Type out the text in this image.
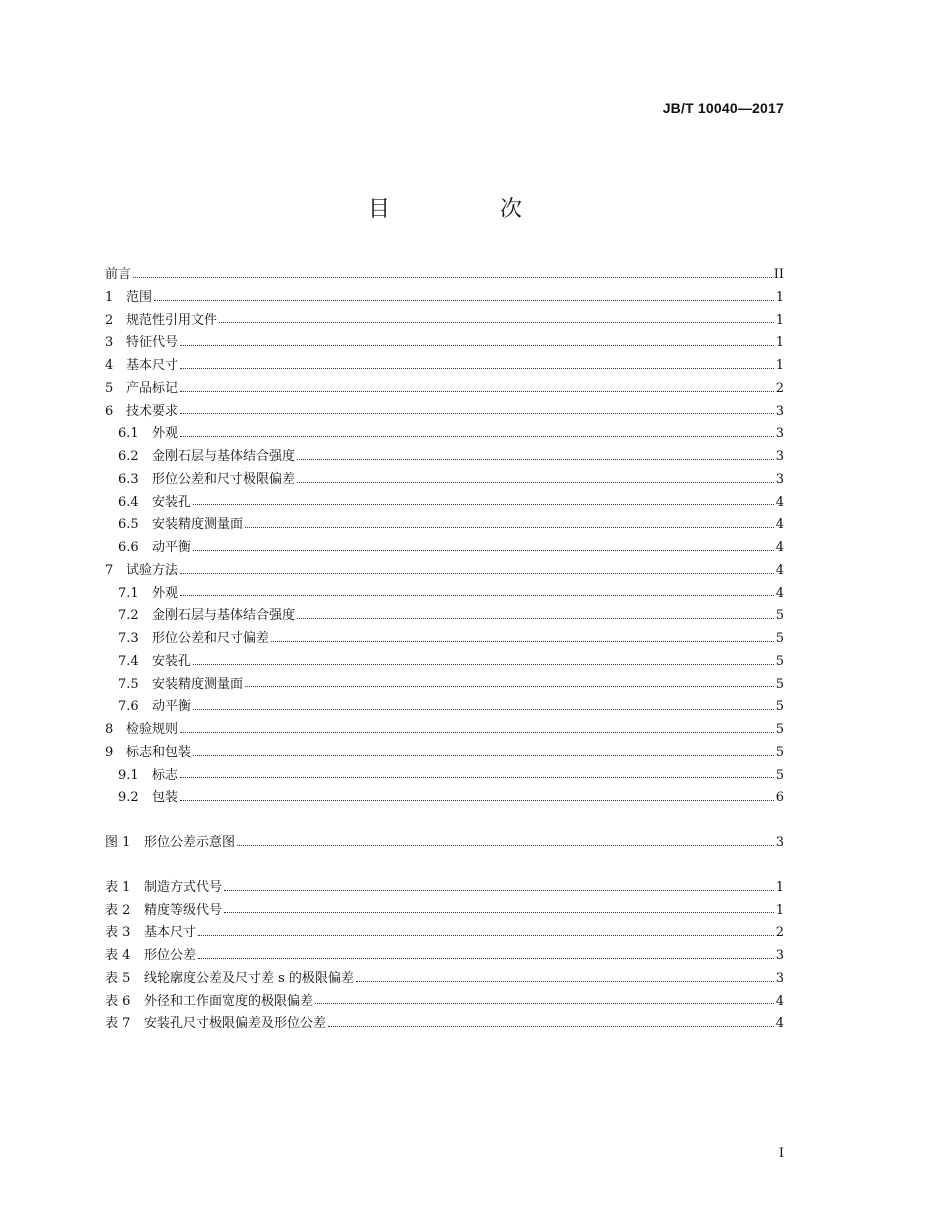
JB/T 10040—2017
目　次
前言	II
1 范围	1
2 规范性引用文件	1
3 特征代号	1
4 基本尺寸	1
5 产品标记	2
6 技术要求	3
6.1	外观	3
6.2	金刚石层与基体结合强度	3
6.3	形位公差和尺寸极限偏差	3
6.4	安装孔	4
6.5	安装精度测量面	4
6.6	动平衡	4
7 试验方法	4
7.1	外观	4
7.2	金刚石层与基体结合强度	5
7.3	形位公差和尺寸偏差	5
7.4	安装孔	5
7.5	安装精度测量面	5
7.6	动平衡	5
8 检验规则	5
9 标志和包装	5
9.1	标志	5
9.2	包装	6
图 1	形位公差示意图	3
表 1	制造方式代号	1
表 2	精度等级代号	1
表 3	基本尺寸	2
表 4	形位公差	3
表 5	线轮廓度公差及尺寸差 s 的极限偏差	3
表 6	外径和工作面宽度的极限偏差	4
表 7	安装孔尺寸极限偏差及形位公差	4
I
